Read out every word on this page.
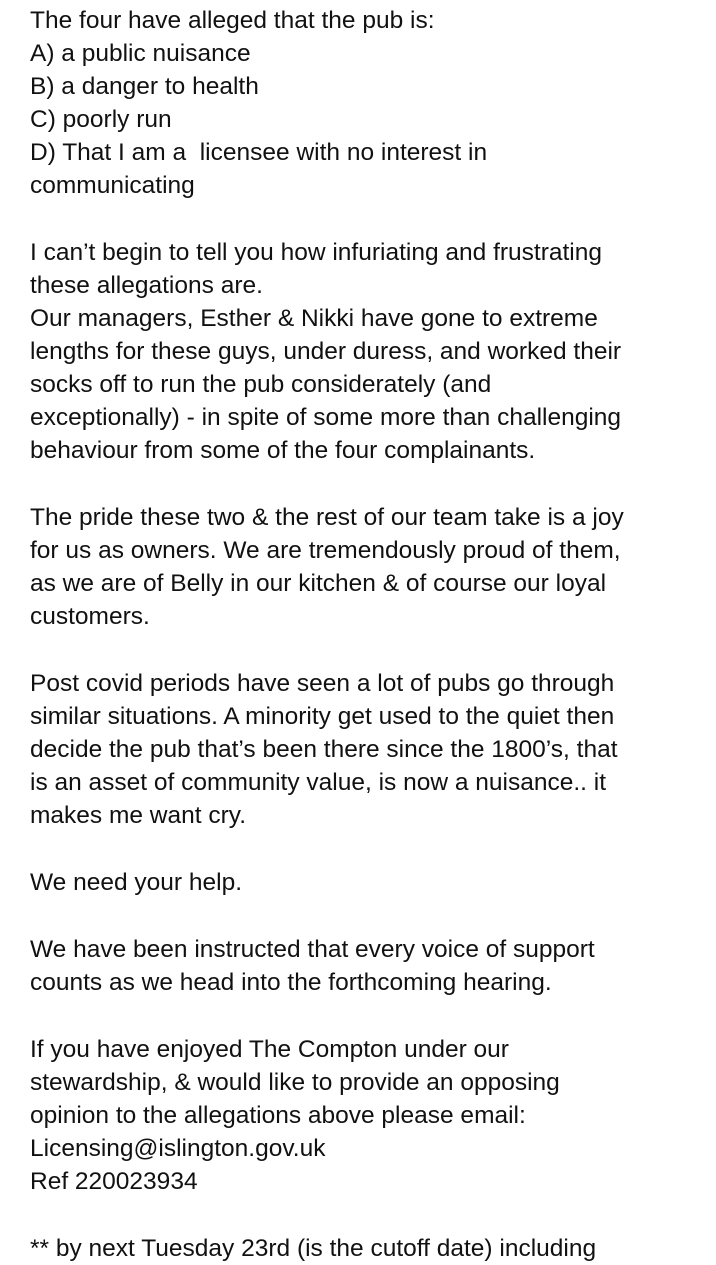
The four have alleged that the pub is:
A) a public nuisance
B) a danger to health
C) poorly run
D) That I am a  licensee with no interest in
communicating
I can’t begin to tell you how infuriating and frustrating
these allegations are.
Our managers, Esther & Nikki have gone to extreme
lengths for these guys, under duress, and worked their
socks off to run the pub considerately (and
exceptionally) - in spite of some more than challenging
behaviour from some of the four complainants.
The pride these two & the rest of our team take is a joy
for us as owners. We are tremendously proud of them,
as we are of Belly in our kitchen & of course our loyal
customers.
Post covid periods have seen a lot of pubs go through
similar situations. A minority get used to the quiet then
decide the pub that’s been there since the 1800’s, that
is an asset of community value, is now a nuisance.. it
makes me want cry.
We need your help.
We have been instructed that every voice of support
counts as we head into the forthcoming hearing.
If you have enjoyed The Compton under our
stewardship, & would like to provide an opposing
opinion to the allegations above please email:
Licensing@islington.gov.uk
Ref 220023934
** by next Tuesday 23rd (is the cutoff date) including
